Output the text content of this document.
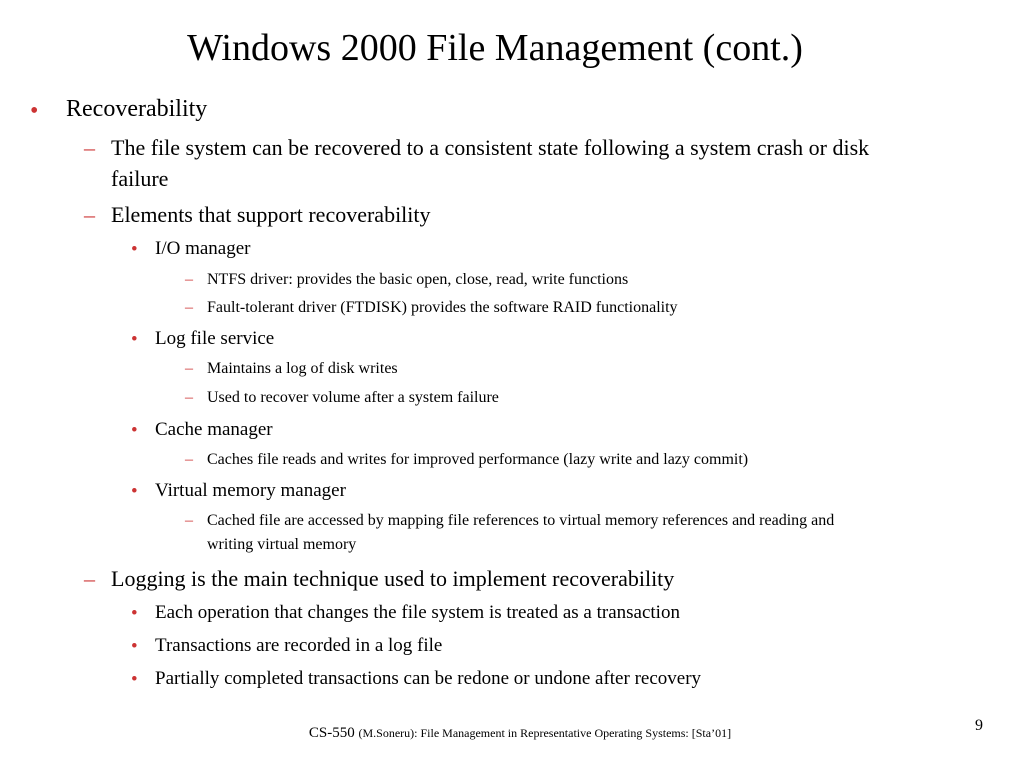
Windows 2000 File Management (cont.)
• Recoverability
– The file system can be recovered to a consistent state following a system crash or disk
failure
– Elements that support recoverability
• I/O manager
– NTFS driver: provides the basic open, close, read, write functions
– Fault-tolerant driver (FTDISK) provides the software RAID functionality
• Log file service
– Maintains a log of disk writes
– Used to recover volume after a system failure
• Cache manager
– Caches file reads and writes for improved performance (lazy write and lazy commit)
• Virtual memory manager
– Cached file are accessed by mapping file references to virtual memory references and reading and
writing virtual memory
– Logging is the main technique used to implement recoverability
• Each operation that changes the file system is treated as a transaction
• Transactions are recorded in a log file
• Partially completed transactions can be redone or undone after recovery
CS-550 (M.Soneru): File Management in Representative Operating Systems: [Sta’01]	9
